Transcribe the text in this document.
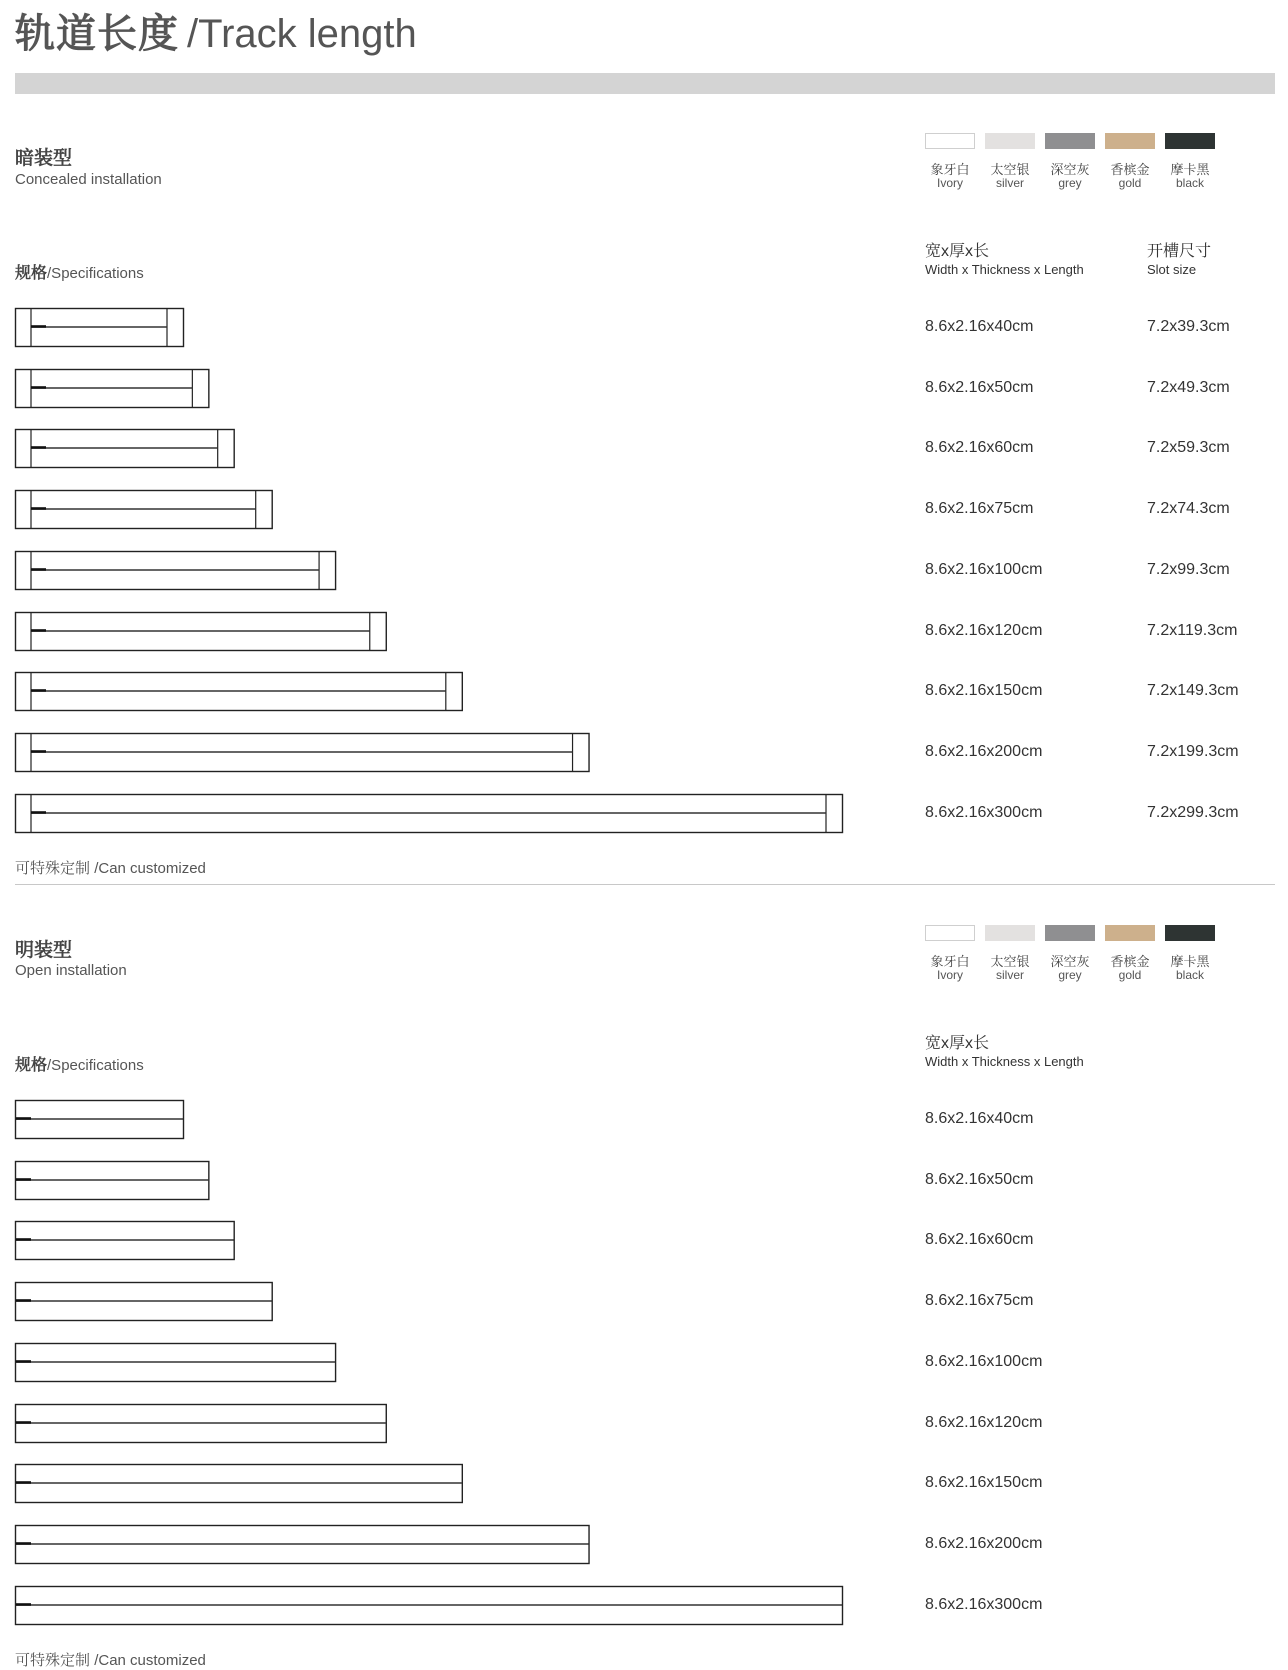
轨道长度 /Track length
暗装型
Concealed installation
象牙白
Ivory
太空银
silver
深空灰
grey
香槟金
gold
摩卡黑
black
规格/Specifications
宽x厚x长
Width x Thickness x Length
开槽尺寸
Slot size
8.6x2.16x40cm	7.2x39.3cm
8.6x2.16x50cm	7.2x49.3cm
8.6x2.16x60cm	7.2x59.3cm
8.6x2.16x75cm	7.2x74.3cm
8.6x2.16x100cm	7.2x99.3cm
8.6x2.16x120cm	7.2x119.3cm
8.6x2.16x150cm	7.2x149.3cm
8.6x2.16x200cm	7.2x199.3cm
8.6x2.16x300cm	7.2x299.3cm
可特殊定制 /Can customized
明装型
Open installation
象牙白
Ivory
太空银
silver
深空灰
grey
香槟金
gold
摩卡黑
black
规格/Specifications
宽x厚x长
Width x Thickness x Length
8.6x2.16x40cm
8.6x2.16x50cm
8.6x2.16x60cm
8.6x2.16x75cm
8.6x2.16x100cm
8.6x2.16x120cm
8.6x2.16x150cm
8.6x2.16x200cm
8.6x2.16x300cm
可特殊定制 /Can customized
